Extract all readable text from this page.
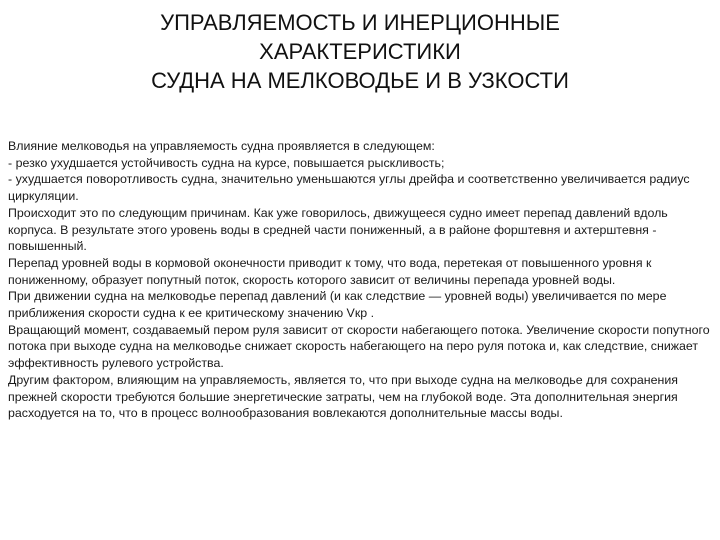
УПРАВЛЯЕМОСТЬ И ИНЕРЦИОННЫЕ
ХАРАКТЕРИСТИКИ
СУДНА НА МЕЛКОВОДЬЕ И В УЗКОСТИ

Влияние мелководья на управляемость судна проявляется в следующем:

- резко ухудшается устойчивость судна на курсе, повышается рыскливость;

- ухудшается поворотливость судна, значительно уменьшаются углы дрейфа и соответственно увеличивается радиус циркуляции.

Происходит это по следующим причинам. Как уже говорилось, движущееся судно имеет перепад давлений вдоль корпуса. В результате этого уровень воды в средней части пониженный, а в районе форштевня и ахтерштевня - повышенный.

Перепад уровней воды в кормовой оконечности приводит к тому, что вода, перетекая от повышенного уровня к пониженному, образует попутный поток, скорость которого зависит от величины перепада уровней воды.

При движении судна на мелководье перепад давлений (и как следствие — уровней воды) увеличивается по мере приближения скорости судна к ее критическому значению Vкр .

Вращающий момент, создаваемый пером руля зависит от скорости набегающего потока. Увеличение скорости попутного потока при выходе судна на мелководье снижает скорость набегающего на перо руля потока и, как следствие, снижает эффективность рулевого устройства.

Другим фактором, влияющим на управляемость, является то, что при выходе судна на мелководье для сохранения прежней скорости требуются большие энергетические затраты, чем на глубокой воде. Эта дополнительная энергия расходуется на то, что в процесс волнообразования вовлекаются дополнительные массы воды.
